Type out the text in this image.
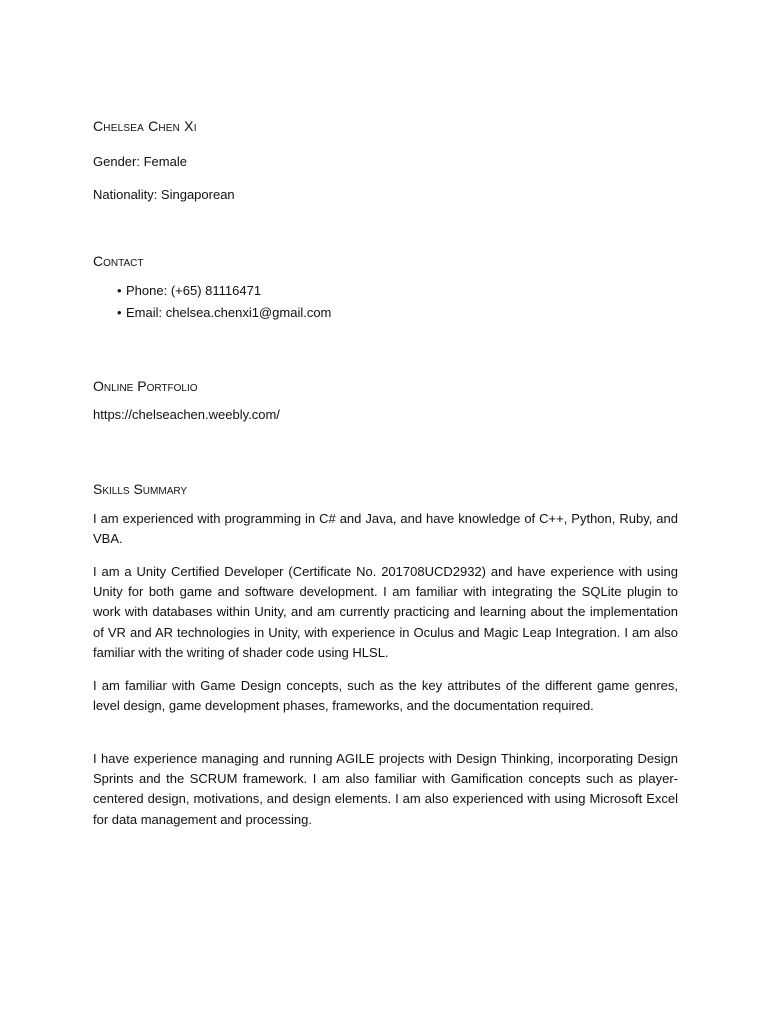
Chelsea Chen Xi

Gender: Female

Nationality: Singaporean

Contact
• Phone: (+65) 81116471
• Email: chelsea.chenxi1@gmail.com
Online Portfolio

https://chelseachen.weebly.com/

Skills Summary

I am experienced with programming in C# and Java, and have knowledge of C++, Python, Ruby, and VBA.

I am a Unity Certified Developer (Certificate No. 201708UCD2932) and have experience with using Unity for both game and software development. I am familiar with integrating the SQLite plugin to work with databases within Unity, and am currently practicing and learning about the implementation of VR and AR technologies in Unity, with experience in Oculus and Magic Leap Integration. I am also familiar with the writing of shader code using HLSL.

I am familiar with Game Design concepts, such as the key attributes of the different game genres, level design, game development phases, frameworks, and the documentation required.

I have experience managing and running AGILE projects with Design Thinking, incorporating Design Sprints and the SCRUM framework. I am also familiar with Gamification concepts such as player-centered design, motivations, and design elements. I am also experienced with using Microsoft Excel for data management and processing.
